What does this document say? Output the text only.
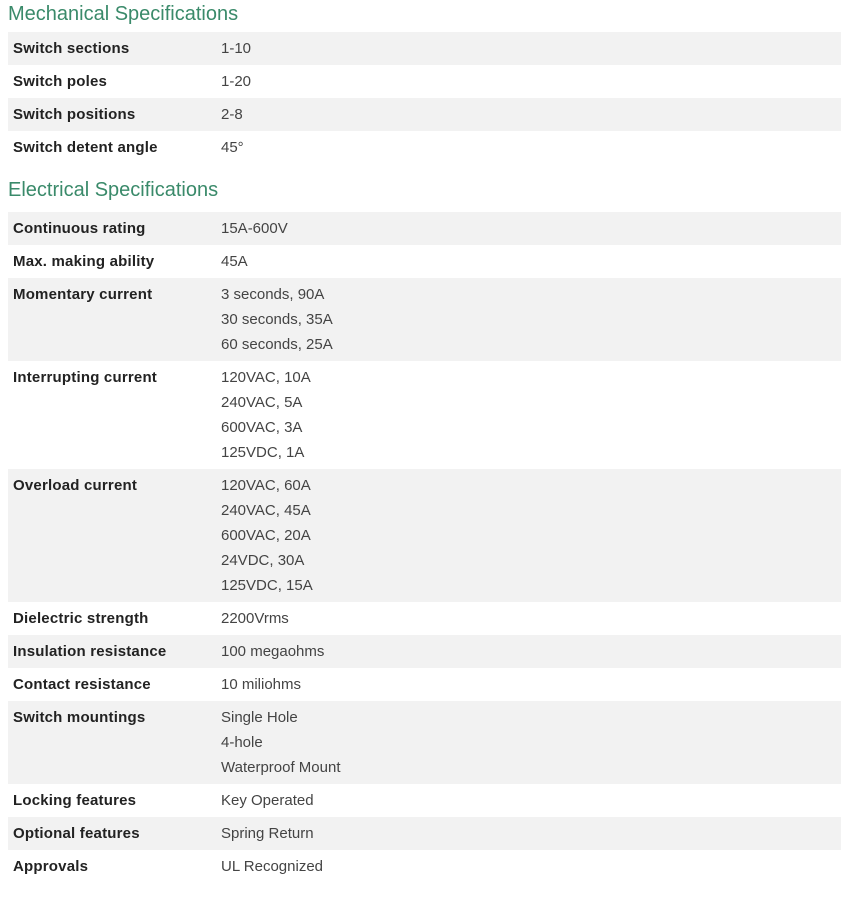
Mechanical Specifications
Switch sections	1-10

Switch poles	1-20

Switch positions	2-8

Switch detent angle	45°
Electrical Specifications
Continuous rating	15A-600V

Max. making ability	45A

Momentary current	3 seconds, 90A
30 seconds, 35A
60 seconds, 25A

Interrupting current	120VAC, 10A
240VAC, 5A
600VAC, 3A
125VDC, 1A

Overload current	120VAC, 60A
240VAC, 45A
600VAC, 20A
24VDC, 30A
125VDC, 15A

Dielectric strength	2200Vrms

Insulation resistance	100 megaohms

Contact resistance	10 miliohms

Switch mountings	Single Hole
4-hole
Waterproof Mount

Locking features	Key Operated

Optional features	Spring Return

Approvals	UL Recognized
